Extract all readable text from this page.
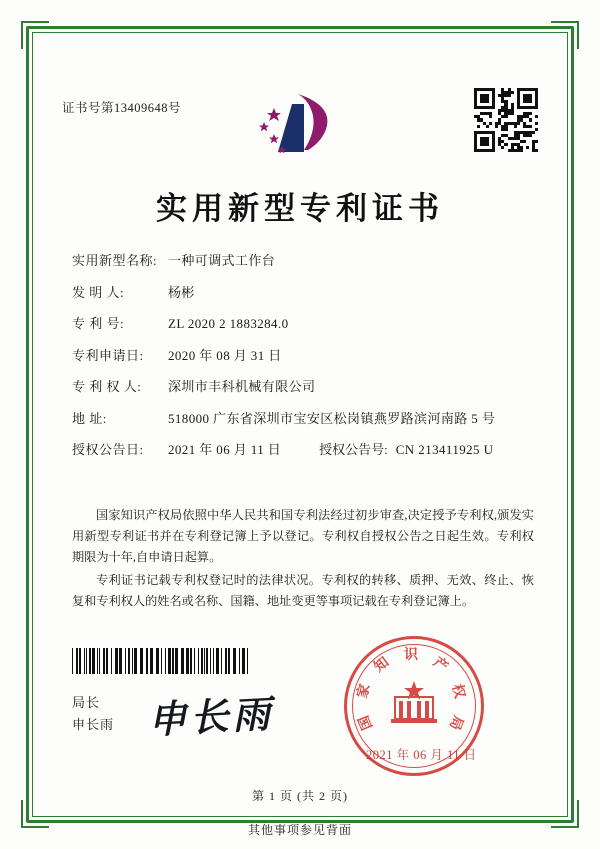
证书号第13409648号
实用新型专利证书
实用新型名称: 一种可调式工作台
发 明 人:	杨彬
专 利 号:	ZL 2020 2 1883284.0
专利申请日:	2020 年 08 月 31 日
专 利 权 人:	深圳市丰科机械有限公司
地 址:	518000 广东省深圳市宝安区松岗镇燕罗路滨河南路 5 号
授权公告日:	2021 年 06 月 11 日	授权公告号: CN 213411925 U

国家知识产权局依照中华人民共和国专利法经过初步审查,决定授予专利权,颁发实用新型专利证书并在专利登记簿上予以登记。专利权自授权公告之日起生效。专利权期限为十年,自申请日起算。

专利证书记载专利权登记时的法律状况。专利权的转移、质押、无效、终止、恢复和专利权人的姓名或名称、国籍、地址变更等事项记载在专利登记簿上。

局长
申长雨 申长雨	国
家
知 识 产
权
局
2021 年 06 月 11 日
第 1 页 (共 2 页)
其他事项参见背面
